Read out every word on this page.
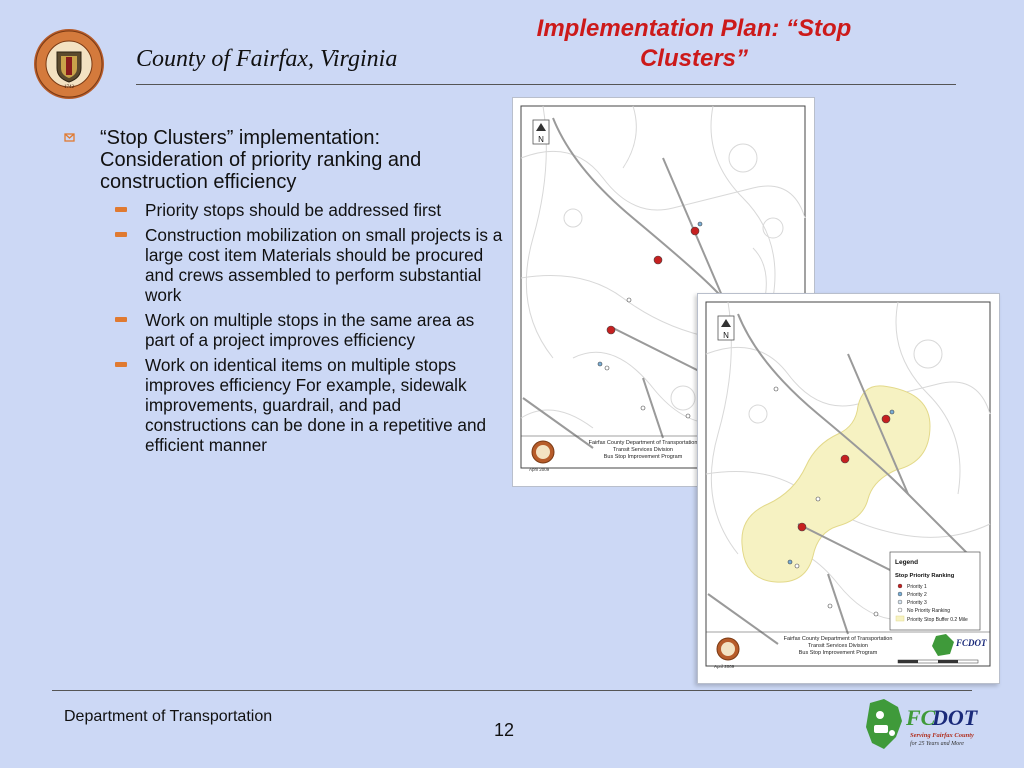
1742
County of Fairfax, Virginia
Implementation Plan: “Stop Clusters”
“Stop Clusters” implementation: Consideration of priority ranking and construction efficiency
Priority stops should be addressed first
Construction mobilization on small projects is a large cost item Materials should be procured and crews assembled to perform substantial work
Work on multiple stops in the same area as part of a project improves efficiency
Work on identical items on multiple stops improves efficiency For example, sidewalk improvements, guardrail, and pad constructions can be done in a repetitive and efficient manner
N
April 2009
Fairfax County Department of Transportation
Transit Services Division
Bus Stop Improvement Program
N
Legend
Stop Priority Ranking
Priority 1
Priority 2
Priority 3
No Priority Ranking
Priority Stop Buffer 0.2 Mile
April 2009
Fairfax County Department of Transportation
Transit Services Division
Bus Stop Improvement Program
FCDOT
Department of Transportation
12	FC
DOT
Serving Fairfax County
for 25 Years and More
